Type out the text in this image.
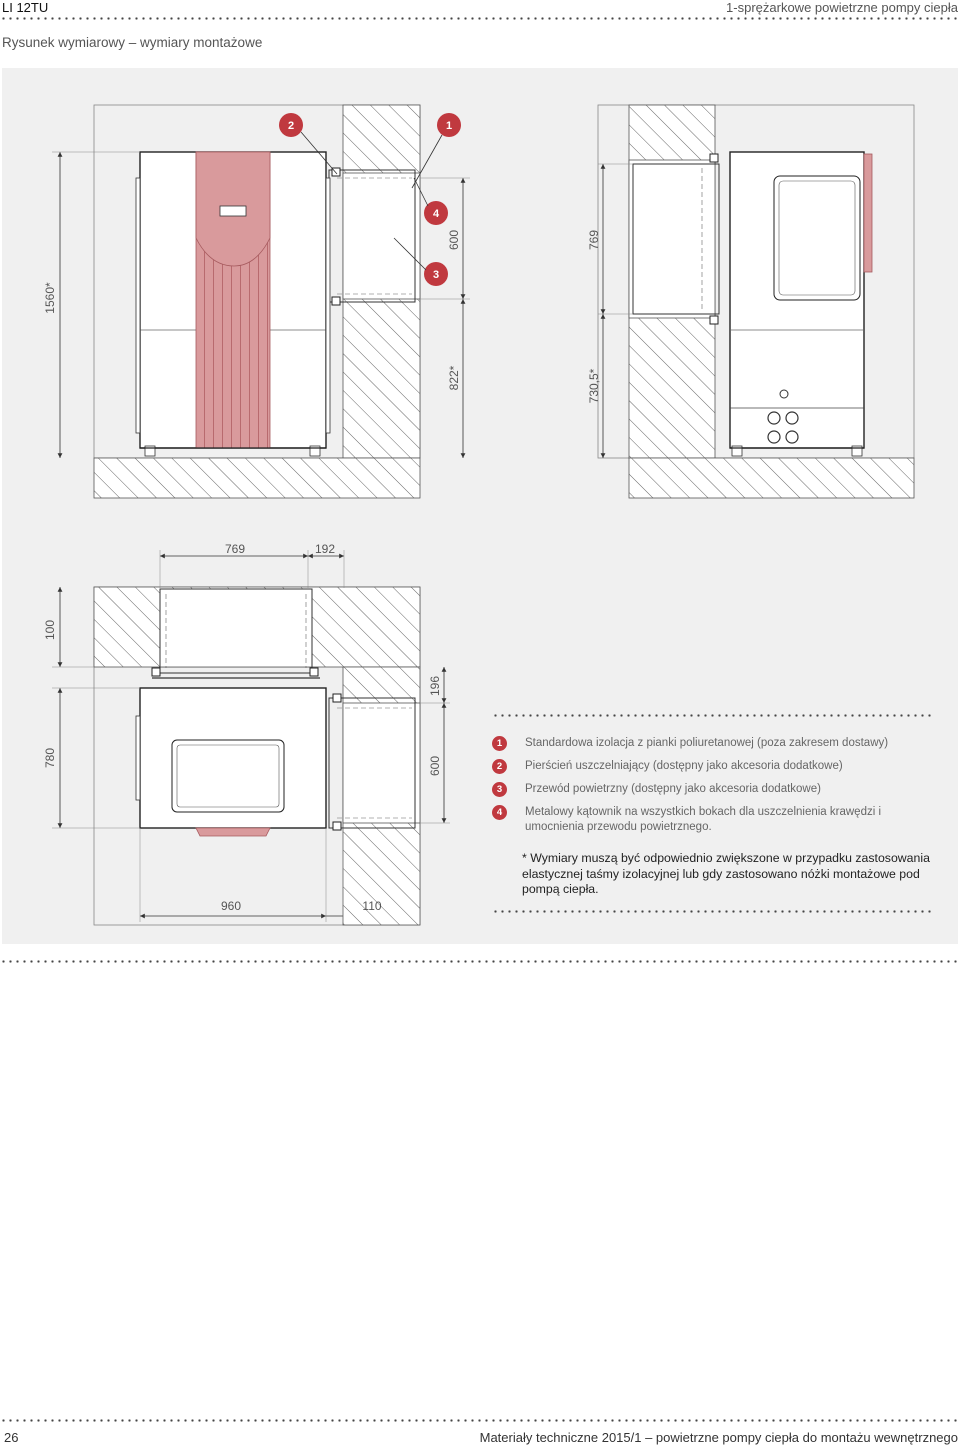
LI 12TU	1-sprężarkowe powietrzne pompy ciepła
Rysunek wymiarowy – wymiary montażowe
2	1
4
3
1560*
600
822*
769
730,5*
769	192
100
780
196
600
960	110
1	Standardowa izolacja z pianki poliuretanowej (poza zakresem dostawy)
2	Pierścień uszczelniający (dostępny jako akcesoria dodatkowe)
3	Przewód powietrzny (dostępny jako akcesoria dodatkowe)
4	Metalowy kątownik na wszystkich bokach dla uszczelnienia krawędzi i umocnienia przewodu powietrznego.
* Wymiary muszą być odpowiednio zwiększone w przypadku zastosowania elastycznej taśmy izolacyjnej lub gdy zastosowano nóżki montażowe pod pompą ciepła.
26	Materiały techniczne 2015/1 – powietrzne pompy ciepła do montażu wewnętrznego
